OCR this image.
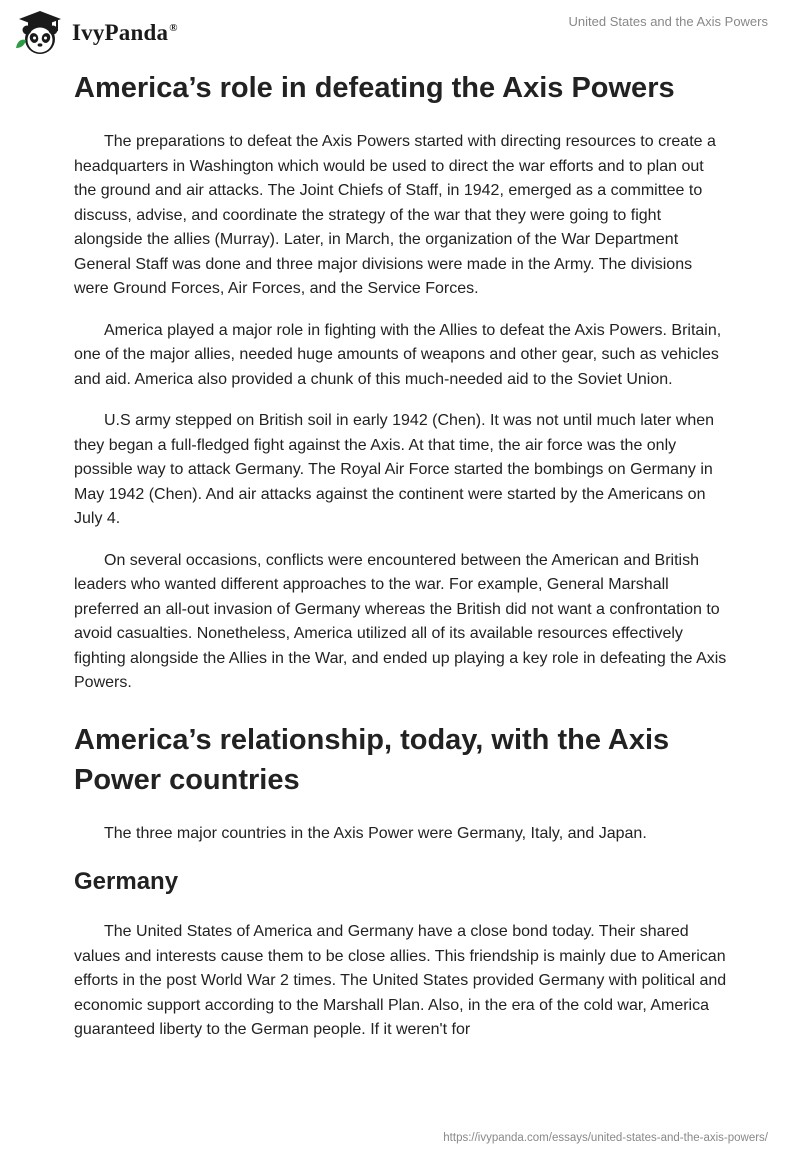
IvyPanda®	United States and the Axis Powers
America’s role in defeating the Axis Powers

The preparations to defeat the Axis Powers started with directing resources to create a headquarters in Washington which would be used to direct the war efforts and to plan out the ground and air attacks. The Joint Chiefs of Staff, in 1942, emerged as a committee to discuss, advise, and coordinate the strategy of the war that they were going to fight alongside the allies (Murray). Later, in March, the organization of the War Department General Staff was done and three major divisions were made in the Army. The divisions were Ground Forces, Air Forces, and the Service Forces.

America played a major role in fighting with the Allies to defeat the Axis Powers. Britain, one of the major allies, needed huge amounts of weapons and other gear, such as vehicles and aid. America also provided a chunk of this much-needed aid to the Soviet Union.

U.S army stepped on British soil in early 1942 (Chen). It was not until much later when they began a full-fledged fight against the Axis. At that time, the air force was the only possible way to attack Germany. The Royal Air Force started the bombings on Germany in May 1942 (Chen). And air attacks against the continent were started by the Americans on July 4.

On several occasions, conflicts were encountered between the American and British leaders who wanted different approaches to the war. For example, General Marshall preferred an all-out invasion of Germany whereas the British did not want a confrontation to avoid casualties. Nonetheless, America utilized all of its available resources effectively fighting alongside the Allies in the War, and ended up playing a key role in defeating the Axis Powers.

America’s relationship, today, with the Axis Power countries

The three major countries in the Axis Power were Germany, Italy, and Japan.

Germany

The United States of America and Germany have a close bond today. Their shared values and interests cause them to be close allies. This friendship is mainly due to American efforts in the post World War 2 times. The United States provided Germany with political and economic support according to the Marshall Plan. Also, in the era of the cold war, America guaranteed liberty to the German people. If it weren't for

https://ivypanda.com/essays/united-states-and-the-axis-powers/
